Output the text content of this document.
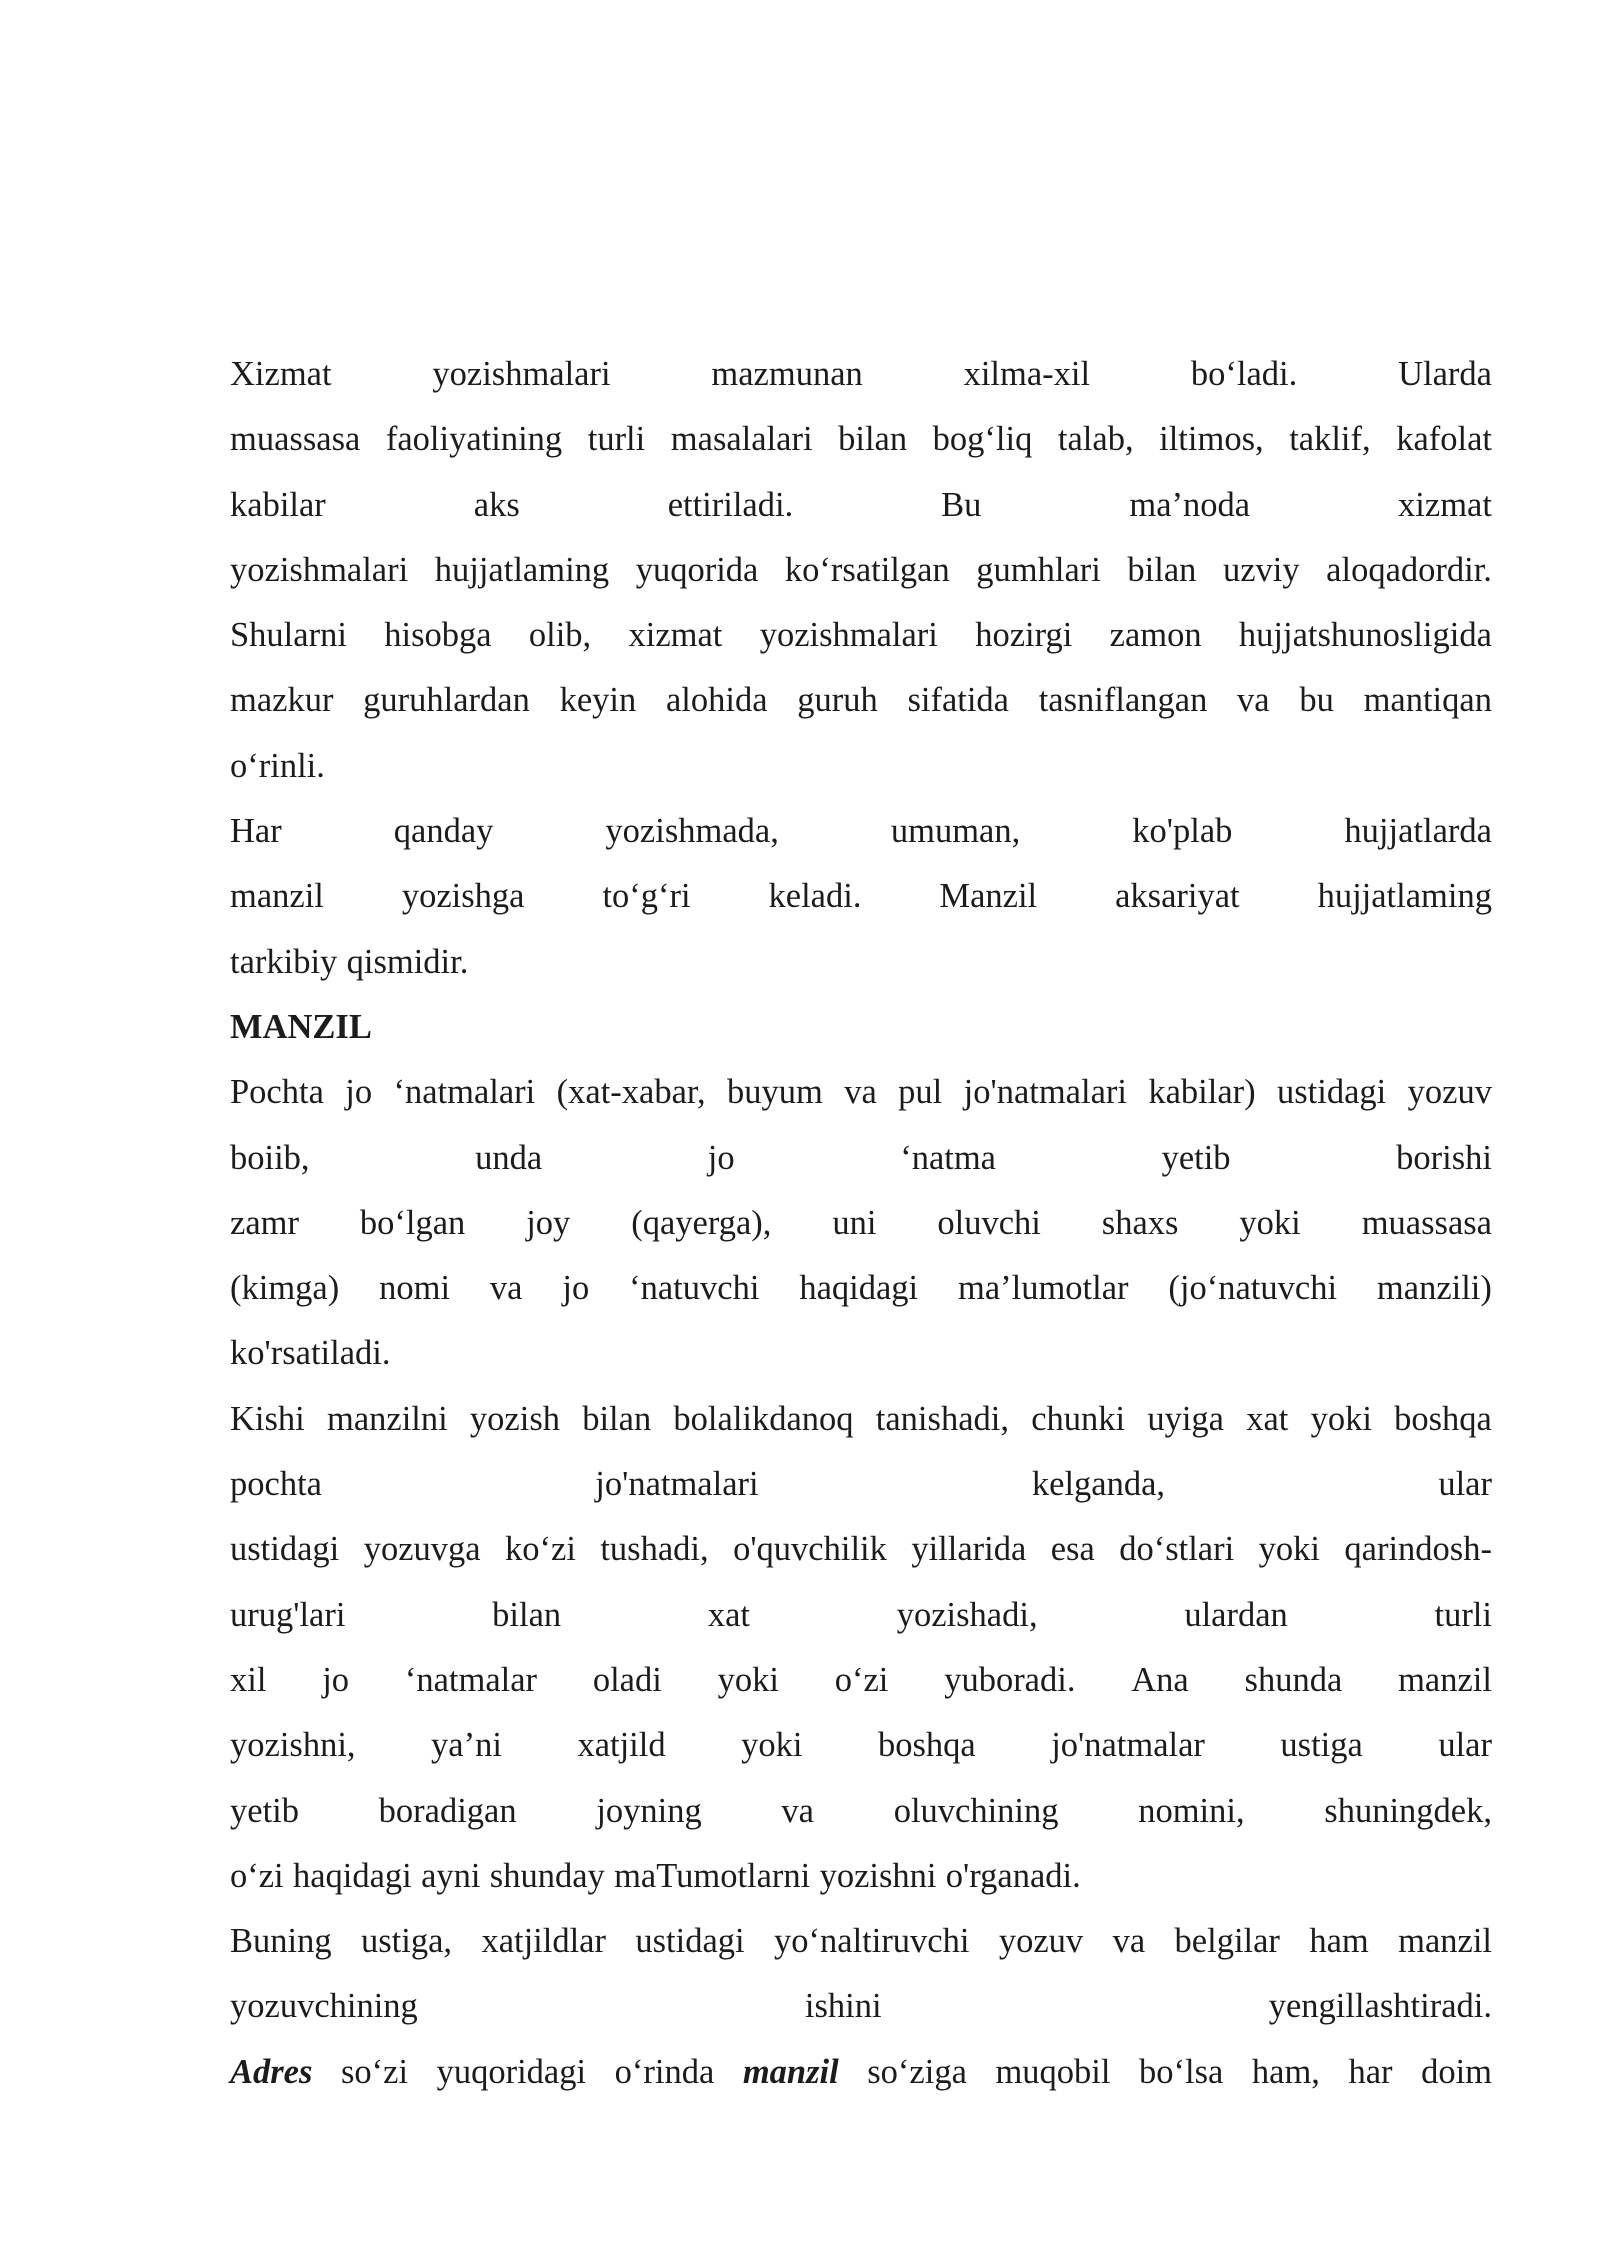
Xizmat	yozishmalari	mazmunan	xilma-xil	bo‘ladi.	Ularda
muassasa faoliyatining turli masalalari bilan bog‘liq talab, iltimos, taklif, kafolat
kabilar	aks	ettiriladi.	Bu	ma’noda	xizmat
yozishmalari hujjatlaming yuqorida ko‘rsatilgan gumhlari bilan uzviy aloqadordir.
Shularni hisobga olib, xizmat yozishmalari hozirgi zamon hujjatshunosligida
mazkur guruhlardan keyin alohida guruh sifatida tasniflangan va bu mantiqan
o‘rinli.
Har	qanday	yozishmada,	umuman,	ko'plab	hujjatlarda
manzil yozishga to‘g‘ri keladi. Manzil aksariyat hujjatlaming
tarkibiy qismidir.
MANZIL
Pochta jo ‘natmalari (xat-xabar, buyum va pul jo'natmalari kabilar) ustidagi yozuv
boiib,	unda	jo	‘natma	yetib	borishi
zamr bo‘lgan joy (qayerga), uni oluvchi shaxs yoki muassasa
(kimga) nomi va jo ‘natuvchi haqidagi ma’lumotlar (jo‘natuvchi manzili)
ko'rsatiladi.
Kishi manzilni yozish bilan bolalikdanoq tanishadi, chunki uyiga xat yoki boshqa
pochta	jo'natmalari	kelganda,	ular
ustidagi yozuvga ko‘zi tushadi, o'quvchilik yillarida esa do‘stlari yoki qarindosh-
urug'lari	bilan	xat	yozishadi,	ulardan	turli
xil jo ‘natmalar oladi yoki o‘zi yuboradi. Ana shunda manzil
yozishni, ya’ni xatjild yoki boshqa jo'natmalar ustiga ular
yetib boradigan joyning va oluvchining nomini, shuningdek,
o‘zi haqidagi ayni shunday maTumotlarni yozishni o'rganadi.
Buning ustiga, xatjildlar ustidagi yo‘naltiruvchi yozuv va belgilar ham manzil
yozuvchining	ishini	yengillashtiradi.
Adres so‘zi yuqoridagi o‘rinda manzil so‘ziga muqobil bo‘lsa ham, har doim
